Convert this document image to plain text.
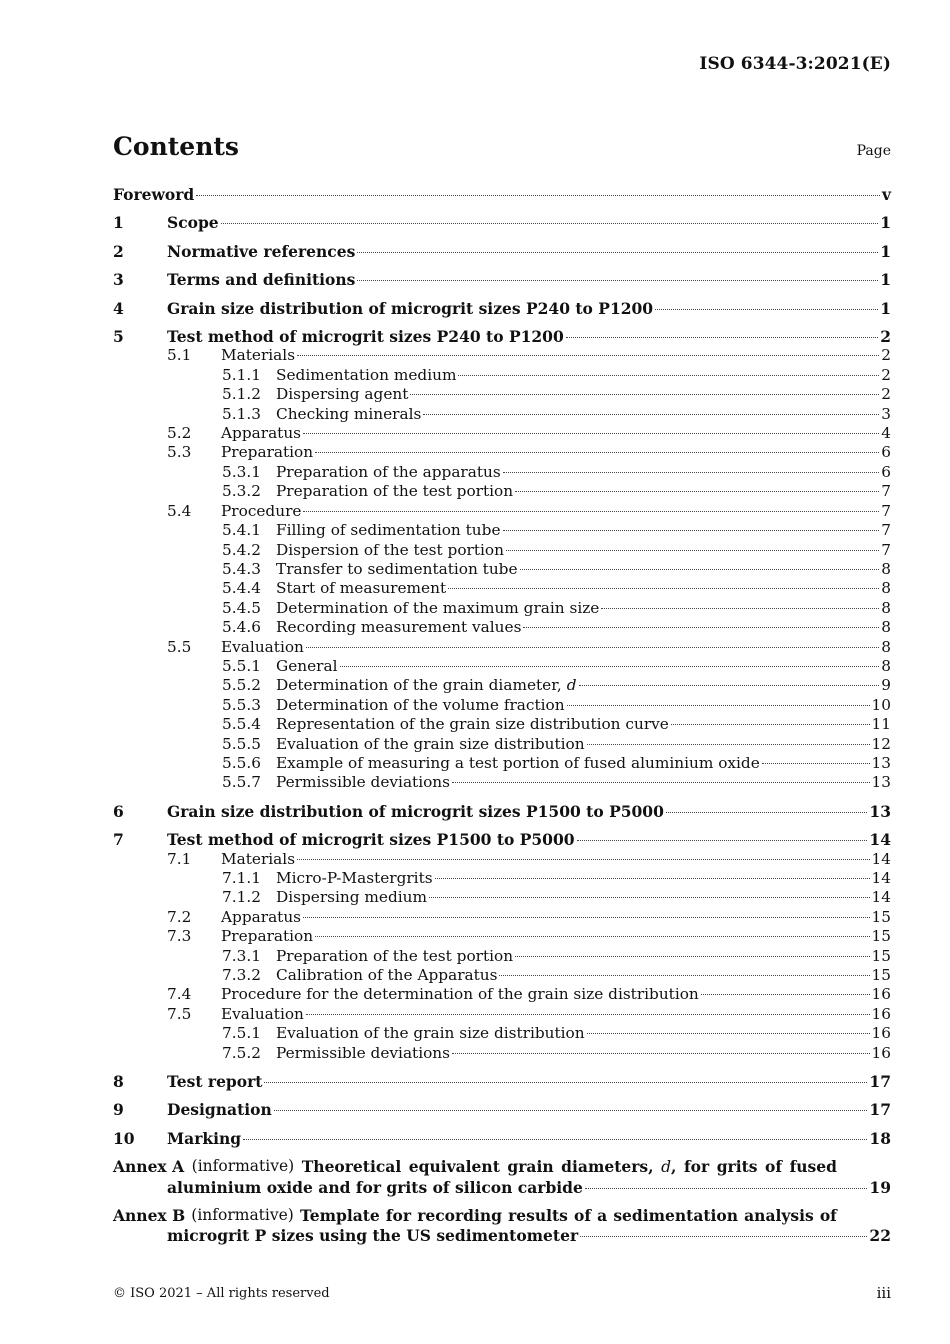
ISO 6344-3:2021(E)
Contents	Page
Foreword	v
1	Scope	1
2	Normative references	1
3	Terms and definitions	1
4	Grain size distribution of microgrit sizes P240 to P1200	1
5	Test method of microgrit sizes P240 to P1200	2
5.1	Materials	2
5.1.1 Sedimentation medium	2
5.1.2 Dispersing agent	2
5.1.3 Checking minerals	3
5.2	Apparatus	4
5.3	Preparation	6
5.3.1 Preparation of the apparatus	6
5.3.2 Preparation of the test portion	7
5.4	Procedure	7
5.4.1 Filling of sedimentation tube	7
5.4.2 Dispersion of the test portion	7
5.4.3 Transfer to sedimentation tube	8
5.4.4 Start of measurement	8
5.4.5 Determination of the maximum grain size	8
5.4.6 Recording measurement values	8
5.5	Evaluation	8
5.5.1 General	8
5.5.2 Determination of the grain diameter, d	9
5.5.3 Determination of the volume fraction	10
5.5.4 Representation of the grain size distribution curve	11
5.5.5 Evaluation of the grain size distribution	12
5.5.6 Example of measuring a test portion of fused aluminium oxide	13
5.5.7 Permissible deviations	13
6	Grain size distribution of microgrit sizes P1500 to P5000	13
7	Test method of microgrit sizes P1500 to P5000	14
7.1	Materials	14
7.1.1 Micro-P-Mastergrits	14
7.1.2 Dispersing medium	14
7.2	Apparatus	15
7.3	Preparation	15
7.3.1 Preparation of the test portion	15
7.3.2 Calibration of the Apparatus	15
7.4	Procedure for the determination of the grain size distribution	16
7.5	Evaluation	16
7.5.1 Evaluation of the grain size distribution	16
7.5.2 Permissible deviations	16
8	Test report	17
9	Designation	17
10	Marking	18
Annex A (informative) Theoretical equivalent grain diameters, d, for grits of fused
aluminium oxide and for grits of silicon carbide	19
Annex B (informative) Template for recording results of a sedimentation analysis of
microgrit P sizes using the US sedimentometer	22
© ISO 2021 – All rights reserved	iii
